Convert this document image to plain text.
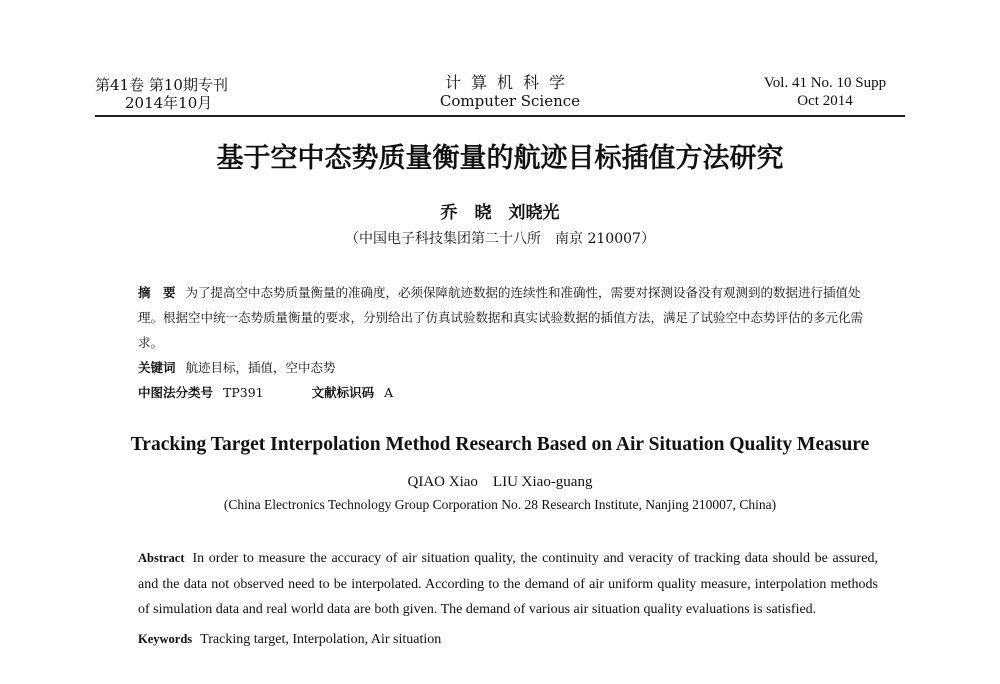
第41卷 第10期专刊
2014年10月
计算机科学
Computer Science
Vol. 41 No. 10 Supp
Oct 2014
基于空中态势质量衡量的航迹目标插值方法研究
乔　晓　刘晓光
（中国电子科技集团第二十八所　南京 210007）
摘　要 为了提高空中态势质量衡量的准确度，必须保障航迹数据的连续性和准确性，需要对探测设备没有观测到的数据进行插值处理。根据空中统一态势质量衡量的要求，分别给出了仿真试验数据和真实试验数据的插值方法，满足了试验空中态势评估的多元化需求。
关键词 航迹目标，插值，空中态势
中图法分类号 TP391	文献标识码 A
Tracking Target Interpolation Method Research Based on Air Situation Quality Measure
QIAO Xiao　LIU Xiao-guang
(China Electronics Technology Group Corporation No. 28 Research Institute, Nanjing 210007, China)
Abstract In order to measure the accuracy of air situation quality, the continuity and veracity of tracking data should be assured, and the data not observed need to be interpolated. According to the demand of air uniform quality measure, interpolation methods of simulation data and real world data are both given. The demand of various air situation quality evaluations is satisfied.
Keywords Tracking target, Interpolation, Air situation
